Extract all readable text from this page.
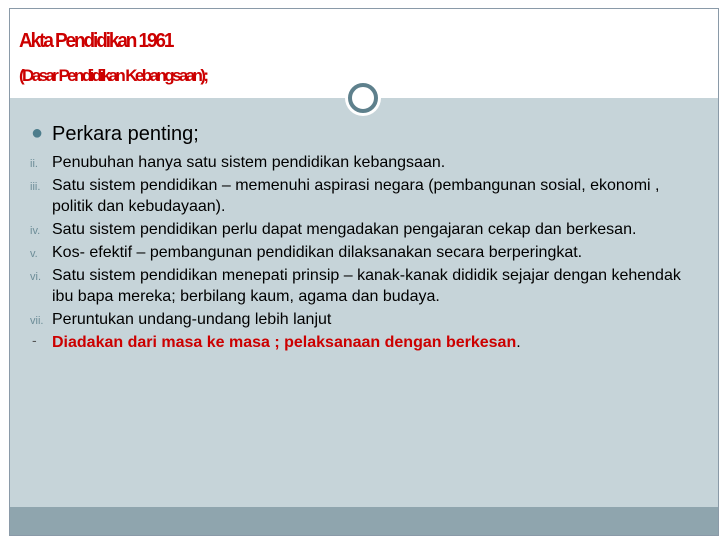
Akta Pendidikan 1961
(Dasar Pendidikan Kebangsaan);
● Perkara penting;
ii. Penubuhan hanya satu sistem pendidikan kebangsaan.
iii. Satu sistem pendidikan – memenuhi aspirasi negara (pembangunan sosial, ekonomi , politik dan kebudayaan).
iv. Satu sistem pendidikan perlu dapat mengadakan pengajaran cekap dan berkesan.
v. Kos- efektif – pembangunan pendidikan dilaksanakan secara berperingkat.
vi. Satu sistem pendidikan menepati prinsip – kanak-kanak dididik sejajar dengan kehendak ibu bapa mereka; berbilang kaum, agama dan budaya.
vii. Peruntukan undang-undang lebih lanjut
- Diadakan dari masa ke masa ; pelaksanaan dengan berkesan.
